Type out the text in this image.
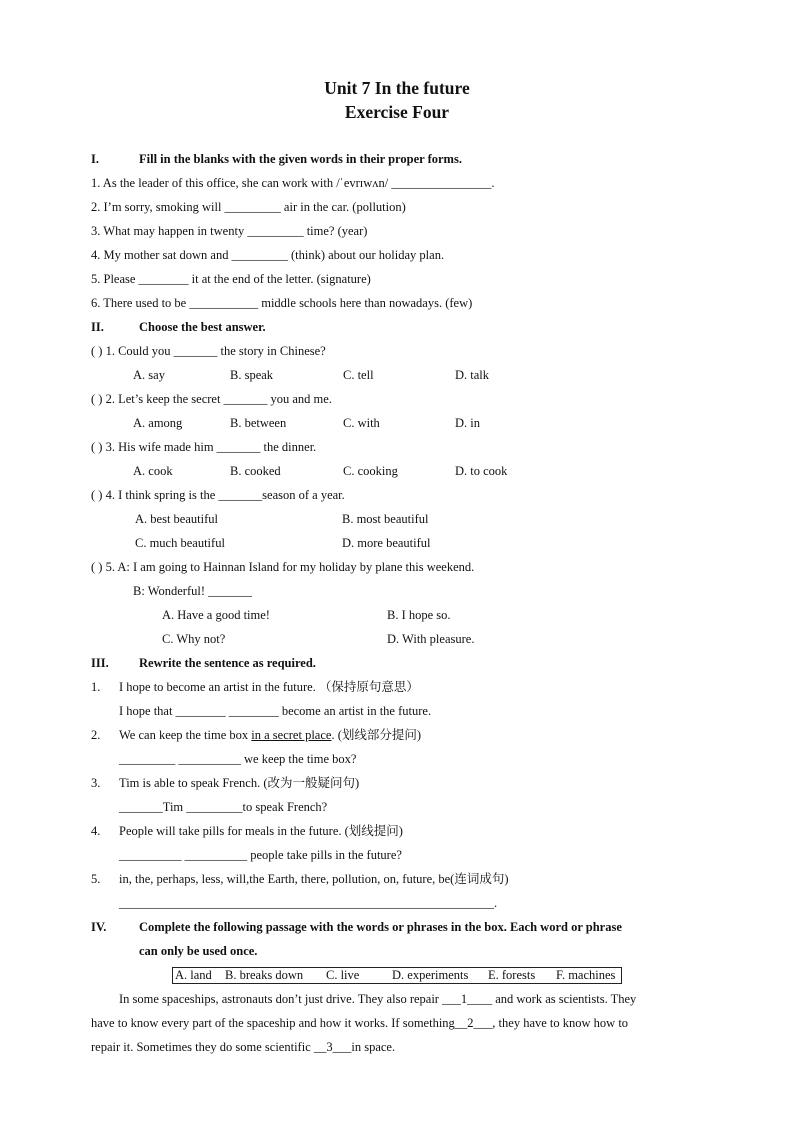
Unit 7 In the future
Exercise Four
I.	Fill in the blanks with the given words in their proper forms.
1. As the leader of this office, she can work with /ˈevrɪwʌn/ ________________.
2. I’m sorry, smoking will _________ air in the car. (pollution)
3. What may happen in twenty _________ time? (year)
4. My mother sat down and _________ (think) about our holiday plan.
5. Please ________ it at the end of the letter. (signature)
6. There used to be ___________ middle schools here than nowadays. (few)
II.	Choose the best answer.
( ) 1. Could you _______ the story in Chinese?
A. say	B. speak	C. tell	D. talk
( ) 2. Let’s keep the secret _______ you and me.
A. among	B. between	C. with	D. in
( ) 3. His wife made him _______ the dinner.
A. cook	B. cooked	C. cooking	D. to cook
( ) 4. I think spring is the _______season of a year.
A. best beautiful	B. most beautiful
C. much beautiful	D. more beautiful
( ) 5. A: I am going to Hainnan Island for my holiday by plane this weekend.
B: Wonderful! _______
A. Have a good time!	B. I hope so.
C. Why not?	D. With pleasure.
III. Rewrite the sentence as required.
1. I hope to become an artist in the future. （保持原句意思）
I hope that ________ ________ become an artist in the future.
2. We can keep the time box in a secret place. (划线部分提问)
_________ __________ we keep the time box?
3. Tim is able to speak French. (改为一般疑问句)
_______Tim _________to speak French?
4. People will take pills for meals in the future. (划线提问)
__________ __________ people take pills in the future?
5. in, the, perhaps, less, will,the Earth, there, pollution, on, future, be(连词成句)
____________________________________________________________.
IV.	Complete the following passage with the words or phrases in the box. Each word or phrase
can only be used once.
A. land B. breaks down C. live	D. experiments E. forests F. machines
In some spaceships, astronauts don’t just drive. They also repair ___1____ and work as scientists. They
have to know every part of the spaceship and how it works. If something__2___, they have to know how to
repair it. Sometimes they do some scientific __3___in space.
